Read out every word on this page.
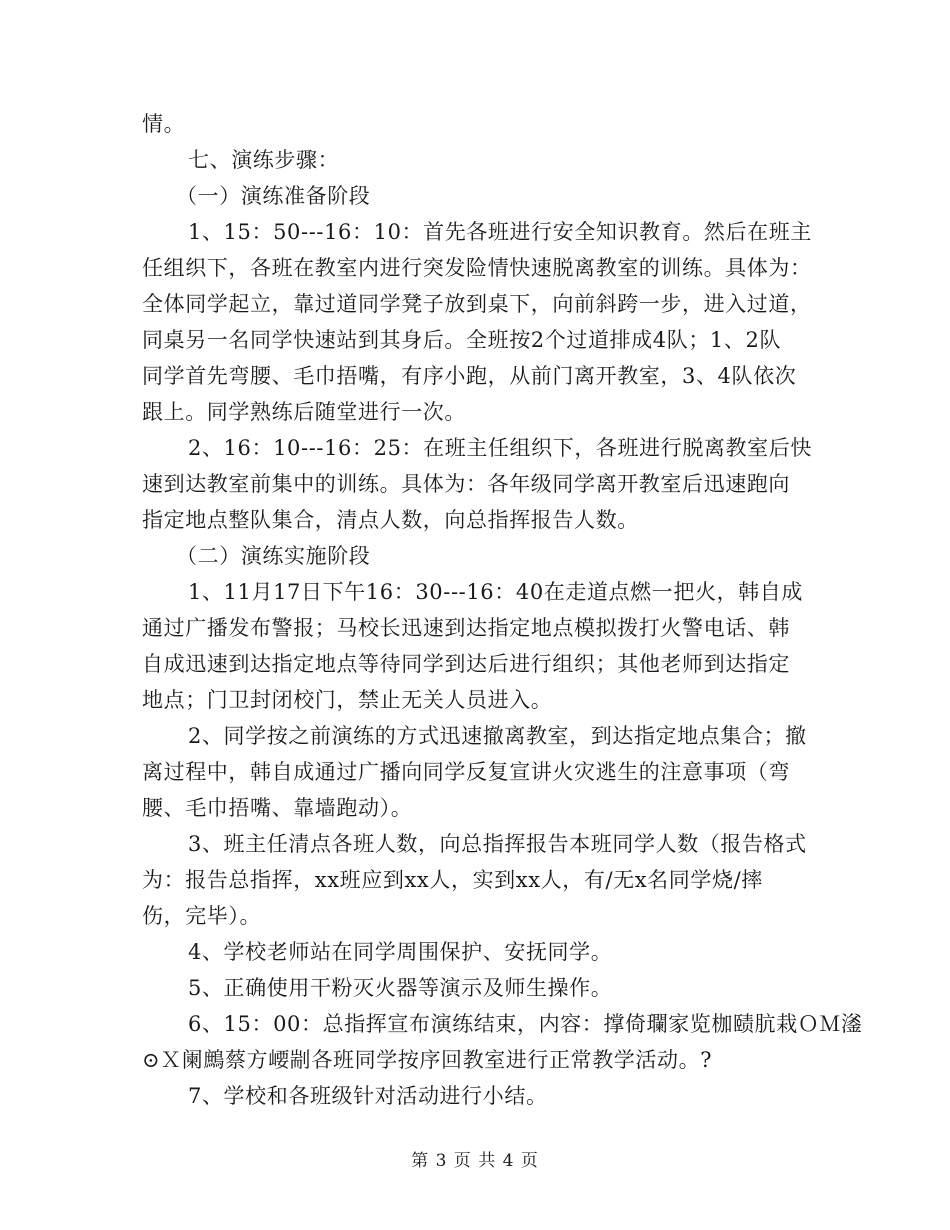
情。
七、演练步骤：
（一）演练准备阶段
1、15：50---16：10：首先各班进行安全知识教育。然后在班主
任组织下，各班在教室内进行突发险情快速脱离教室的训练。具体为：
全体同学起立，靠过道同学凳子放到桌下，向前斜跨一步，进入过道，
同桌另一名同学快速站到其身后。全班按2个过道排成4队；1、2队
同学首先弯腰、毛巾捂嘴，有序小跑，从前门离开教室，3、4队依次
跟上。同学熟练后随堂进行一次。
2、16：10---16：25：在班主任组织下，各班进行脱离教室后快
速到达教室前集中的训练。具体为：各年级同学离开教室后迅速跑向
指定地点整队集合，清点人数，向总指挥报告人数。
（二）演练实施阶段
1、11月17日下午16：30---16：40在走道点燃一把火，韩自成
通过广播发布警报；马校长迅速到达指定地点模拟拨打火警电话、韩
自成迅速到达指定地点等待同学到达后进行组织；其他老师到达指定
地点；门卫封闭校门，禁止无关人员进入。
2、同学按之前演练的方式迅速撤离教室，到达指定地点集合；撤
离过程中，韩自成通过广播向同学反复宣讲火灾逃生的注意事项（弯
腰、毛巾捂嘴、靠墙跑动）。
3、班主任清点各班人数，向总指挥报告本班同学人数（报告格式
为：报告总指挥，xx班应到xx人，实到xx人，有/无x名同学烧/摔
伤，完毕）。
4、学校老师站在同学周围保护、安抚同学。
5、正确使用干粉灭火器等演示及师生操作。
6、15：00：总指挥宣布演练结束，内容：撑倚瓓家览枷赜肮栽ＯＭ㵚
⊙Ｘ阑鷓蔡方崾剬各班同学按序回教室进行正常教学活动。?
7、学校和各班级针对活动进行小结。
第 3 页 共 4 页
